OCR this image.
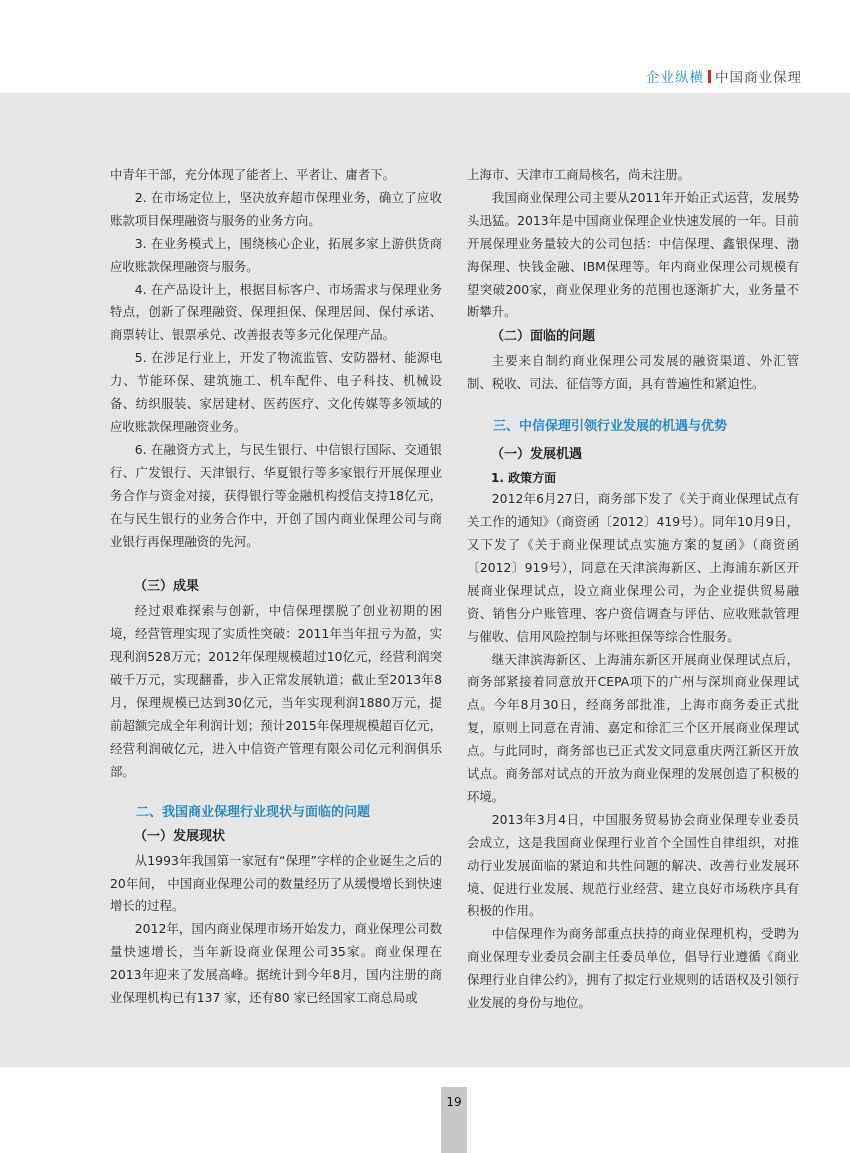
企业纵横 中国商业保理

中青年干部，充分体现了能者上、平者让、庸者下。

2. 在市场定位上，坚决放弃超市保理业务，确立了应收账款项目保理融资与服务的业务方向。

3. 在业务模式上，围绕核心企业，拓展多家上游供货商应收账款保理融资与服务。

4. 在产品设计上，根据目标客户、市场需求与保理业务特点，创新了保理融资、保理担保、保理居间、保付承诺、商票转让、银票承兑、改善报表等多元化保理产品。

5. 在涉足行业上，开发了物流监管、安防器材、能源电力、节能环保、建筑施工、机车配件、电子科技、机械设备、纺织服装、家居建材、医药医疗、文化传媒等多领域的应收账款保理融资业务。

6. 在融资方式上，与民生银行、中信银行国际、交通银行、广发银行、天津银行、华夏银行等多家银行开展保理业务合作与资金对接，获得银行等金融机构授信支持18亿元，在与民生银行的业务合作中，开创了国内商业保理公司与商业银行再保理融资的先河。

（三）成果

经过艰难探索与创新，中信保理摆脱了创业初期的困境，经营管理实现了实质性突破：2011年当年扭亏为盈，实现利润528万元；2012年保理规模超过10亿元，经营利润突破千万元，实现翻番，步入正常发展轨道；截止至2013年8月，保理规模已达到30亿元，当年实现利润1880万元，提前超额完成全年利润计划；预计2015年保理规模超百亿元，经营利润破亿元，进入中信资产管理有限公司亿元利润俱乐部。

二、我国商业保理行业现状与面临的问题

（一）发展现状

从1993年我国第一家冠有“保理”字样的企业诞生之后的20年间， 中国商业保理公司的数量经历了从缓慢增长到快速增长的过程。

2012年，国内商业保理市场开始发力，商业保理公司数量快速增长，当年新设商业保理公司35家。商业保理在2013年迎来了发展高峰。据统计到今年8月，国内注册的商业保理机构已有137 家，还有80 家已经国家工商总局或

上海市、天津市工商局核名，尚未注册。

我国商业保理公司主要从2011年开始正式运营，发展势头迅猛。2013年是中国商业保理企业快速发展的一年。目前开展保理业务量较大的公司包括：中信保理、鑫银保理、渤海保理、快钱金融、IBM保理等。年内商业保理公司规模有望突破200家，商业保理业务的范围也逐渐扩大，业务量不断攀升。

（二）面临的问题

主要来自制约商业保理公司发展的融资渠道、外汇管制、税收、司法、征信等方面，具有普遍性和紧迫性。

三、中信保理引领行业发展的机遇与优势

（一）发展机遇

1. 政策方面

2012年6月27日，商务部下发了《关于商业保理试点有关工作的通知》（商资函〔2012〕419号）。同年10月9日，又下发了《关于商业保理试点实施方案的复函》（商资函〔2012〕919号），同意在天津滨海新区、上海浦东新区开展商业保理试点，设立商业保理公司，为企业提供贸易融资、销售分户账管理、客户资信调查与评估、应收账款管理与催收、信用风险控制与坏账担保等综合性服务。

继天津滨海新区、上海浦东新区开展商业保理试点后，商务部紧接着同意放开CEPA项下的广州与深圳商业保理试点。今年8月30日，经商务部批准，上海市商务委正式批复，原则上同意在青浦、嘉定和徐汇三个区开展商业保理试点。与此同时，商务部也已正式发文同意重庆两江新区开放试点。商务部对试点的开放为商业保理的发展创造了积极的环境。

2013年3月4日，中国服务贸易协会商业保理专业委员会成立，这是我国商业保理行业首个全国性自律组织，对推动行业发展面临的紧迫和共性问题的解决、改善行业发展环境、促进行业发展、规范行业经营、建立良好市场秩序具有积极的作用。

中信保理作为商务部重点扶持的商业保理机构，受聘为商业保理专业委员会副主任委员单位，倡导行业遵循《商业保理行业自律公约》，拥有了拟定行业规则的话语权及引领行业发展的身份与地位。

19
